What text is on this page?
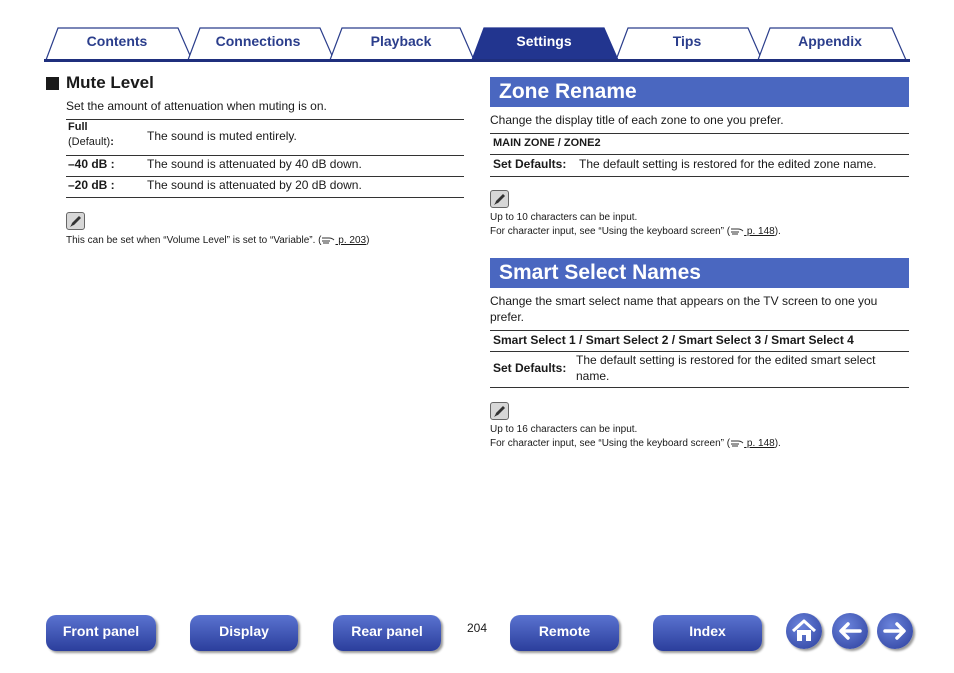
Contents	Connections	Playback	Settings	Tips	Appendix
Mute Level
Set the amount of attenuation when muting is on.
Full
(Default):	The sound is muted entirely.
–40 dB :	The sound is attenuated by 40 dB down.
–20 dB :	The sound is attenuated by 20 dB down.
This can be set when “Volume Level” is set to “Variable”. ( p. 203)
Zone Rename
Change the display title of each zone to one you prefer.
MAIN ZONE / ZONE2
Set Defaults: The default setting is restored for the edited zone name.
Up to 10 characters can be input.
For character input, see “Using the keyboard screen” ( p. 148).
Smart Select Names
Change the smart select name that appears on the TV screen to one you
prefer.
Smart Select 1 / Smart Select 2 / Smart Select 3 / Smart Select 4
Set Defaults:
The default setting is restored for the edited smart select
name.
Up to 16 characters can be input.
For character input, see “Using the keyboard screen” ( p. 148).
Front panel	Display	Rear panel	204	Remote	Index
